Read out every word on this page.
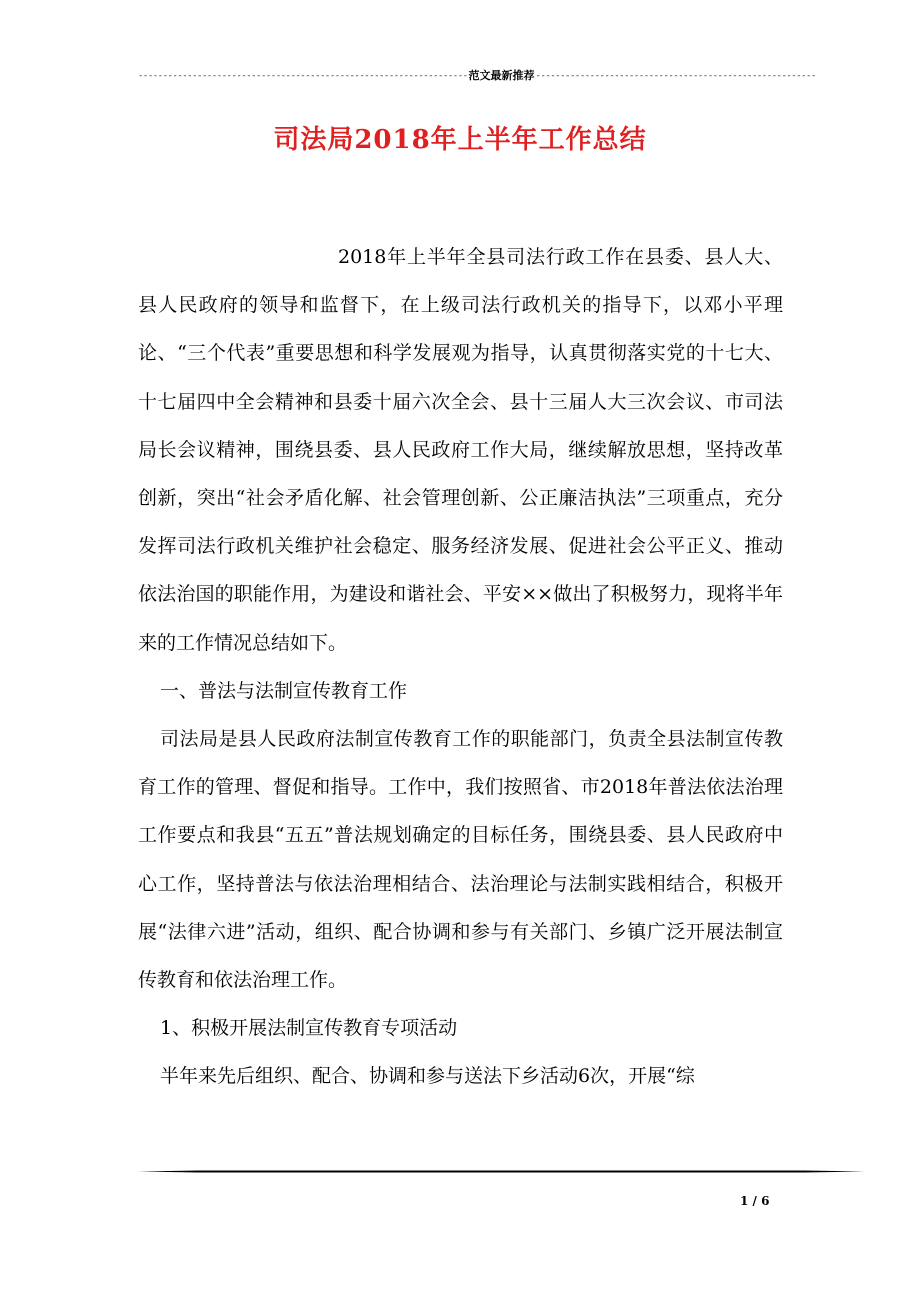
------------------------------------------------------------------- 范文最新推荐 ---------------------------------------------------------
司法局2018年上半年工作总结

2018年上半年全县司法行政工作在县委、县人大、县人民政府的领导和监督下，在上级司法行政机关的指导下，以邓小平理论、“三个代表”重要思想和科学发展观为指导，认真贯彻落实党的十七大、十七届四中全会精神和县委十届六次全会、县十三届人大三次会议、市司法局长会议精神，围绕县委、县人民政府工作大局，继续解放思想，坚持改革创新，突出“社会矛盾化解、社会管理创新、公正廉洁执法”三项重点，充分发挥司法行政机关维护社会稳定、服务经济发展、促进社会公平正义、推动依法治国的职能作用，为建设和谐社会、平安××做出了积极努力，现将半年来的工作情况总结如下。

一、普法与法制宣传教育工作

司法局是县人民政府法制宣传教育工作的职能部门，负责全县法制宣传教育工作的管理、督促和指导。工作中，我们按照省、市2018年普法依法治理工作要点和我县“五五”普法规划确定的目标任务，围绕县委、县人民政府中心工作，坚持普法与依法治理相结合、法治理论与法制实践相结合，积极开展“法律六进”活动，组织、配合协调和参与有关部门、乡镇广泛开展法制宣传教育和依法治理工作。

1、积极开展法制宣传教育专项活动

半年来先后组织、配合、协调和参与送法下乡活动6次，开展“综

1 / 6
